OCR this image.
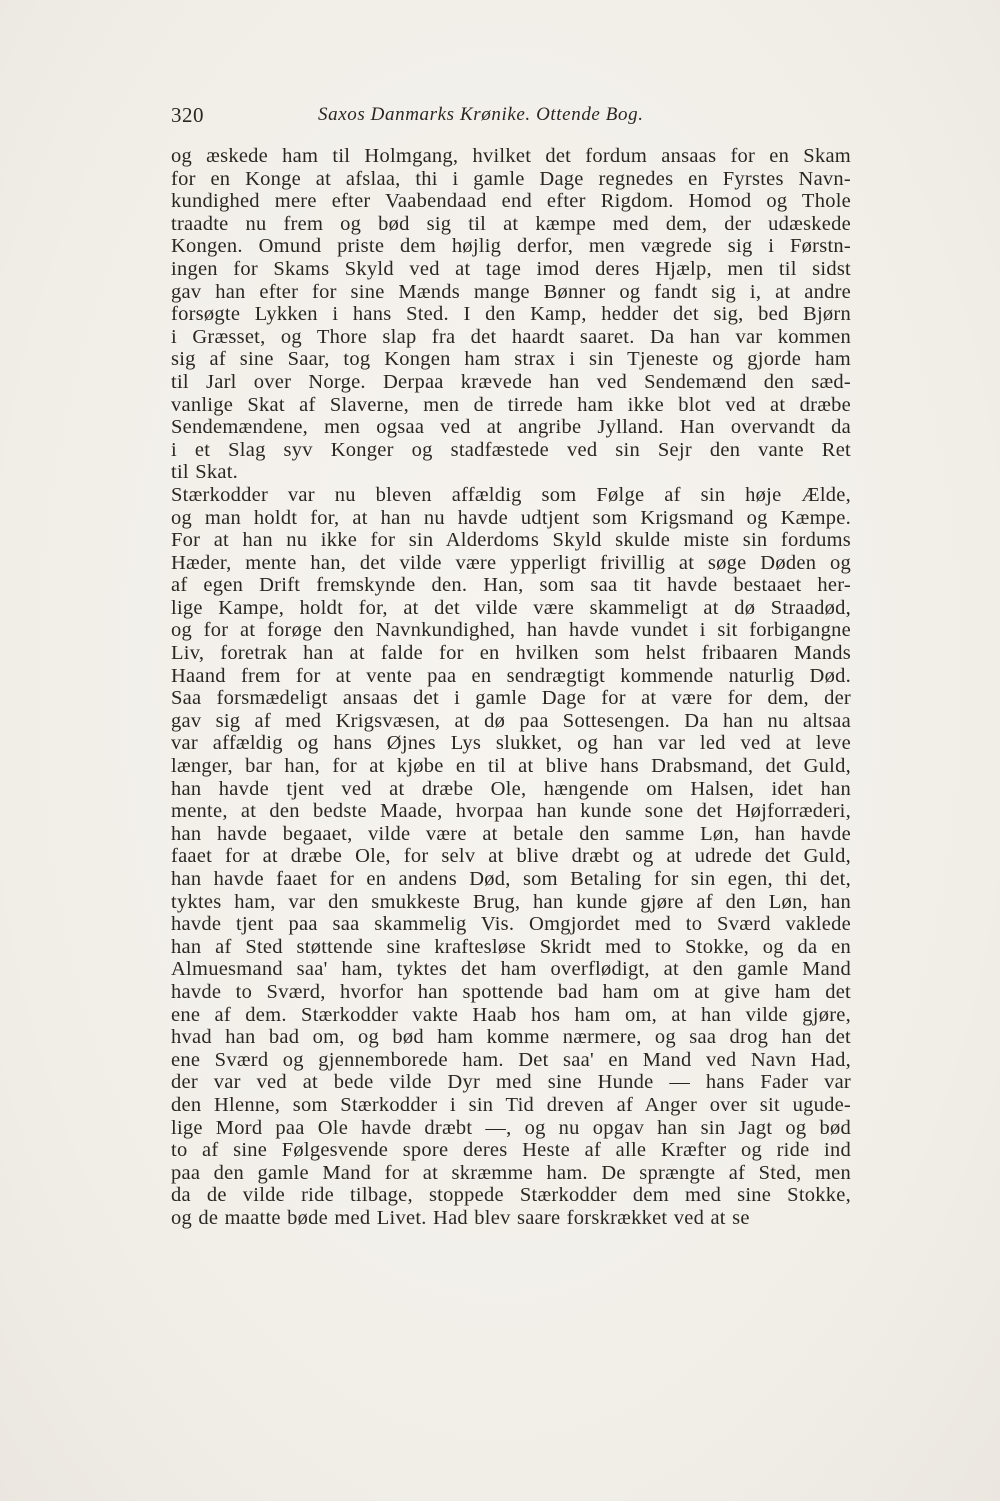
320	Saxos Danmarks Krønike. Ottende Bog.
og æskede ham til Holmgang, hvilket det fordum ansaas for en Skam
for en Konge at afslaa, thi i gamle Dage regnedes en Fyrstes Navn-
kundighed mere efter Vaabendaad end efter Rigdom. Homod og Thole
traadte nu frem og bød sig til at kæmpe med dem, der udæskede
Kongen. Omund priste dem højlig derfor, men vægrede sig i Førstn-
ingen for Skams Skyld ved at tage imod deres Hjælp, men til sidst
gav han efter for sine Mænds mange Bønner og fandt sig i, at andre
forsøgte Lykken i hans Sted. I den Kamp, hedder det sig, bed Bjørn
i Græsset, og Thore slap fra det haardt saaret. Da han var kommen
sig af sine Saar, tog Kongen ham strax i sin Tjeneste og gjorde ham
til Jarl over Norge. Derpaa krævede han ved Sendemænd den sæd-
vanlige Skat af Slaverne, men de tirrede ham ikke blot ved at dræbe
Sendemændene, men ogsaa ved at angribe Jylland. Han overvandt da
i et Slag syv Konger og stadfæstede ved sin Sejr den vante Ret
til Skat.
Stærkodder var nu bleven affældig som Følge af sin høje Ælde,
og man holdt for, at han nu havde udtjent som Krigsmand og Kæmpe.
For at han nu ikke for sin Alderdoms Skyld skulde miste sin fordums
Hæder, mente han, det vilde være ypperligt frivillig at søge Døden og
af egen Drift fremskynde den. Han, som saa tit havde bestaaet her-
lige Kampe, holdt for, at det vilde være skammeligt at dø Straadød,
og for at forøge den Navnkundighed, han havde vundet i sit forbigangne
Liv, foretrak han at falde for en hvilken som helst fribaaren Mands
Haand frem for at vente paa en sendrægtigt kommende naturlig Død.
Saa forsmædeligt ansaas det i gamle Dage for at være for dem, der
gav sig af med Krigsvæsen, at dø paa Sottesengen. Da han nu altsaa
var affældig og hans Øjnes Lys slukket, og han var led ved at leve
længer, bar han, for at kjøbe en til at blive hans Drabsmand, det Guld,
han havde tjent ved at dræbe Ole, hængende om Halsen, idet han
mente, at den bedste Maade, hvorpaa han kunde sone det Højforræderi,
han havde begaaet, vilde være at betale den samme Løn, han havde
faaet for at dræbe Ole, for selv at blive dræbt og at udrede det Guld,
han havde faaet for en andens Død, som Betaling for sin egen, thi det,
tyktes ham, var den smukkeste Brug, han kunde gjøre af den Løn, han
havde tjent paa saa skammelig Vis. Omgjordet med to Sværd vaklede
han af Sted støttende sine kraftesløse Skridt med to Stokke, og da en
Almuesmand saa' ham, tyktes det ham overflødigt, at den gamle Mand
havde to Sværd, hvorfor han spottende bad ham om at give ham det
ene af dem. Stærkodder vakte Haab hos ham om, at han vilde gjøre,
hvad han bad om, og bød ham komme nærmere, og saa drog han det
ene Sværd og gjennemborede ham. Det saa' en Mand ved Navn Had,
der var ved at bede vilde Dyr med sine Hunde — hans Fader var
den Hlenne, som Stærkodder i sin Tid dreven af Anger over sit ugude-
lige Mord paa Ole havde dræbt —, og nu opgav han sin Jagt og bød
to af sine Følgesvende spore deres Heste af alle Kræfter og ride ind
paa den gamle Mand for at skræmme ham. De sprængte af Sted, men
da de vilde ride tilbage, stoppede Stærkodder dem med sine Stokke,
og de maatte bøde med Livet. Had blev saare forskrækket ved at se
